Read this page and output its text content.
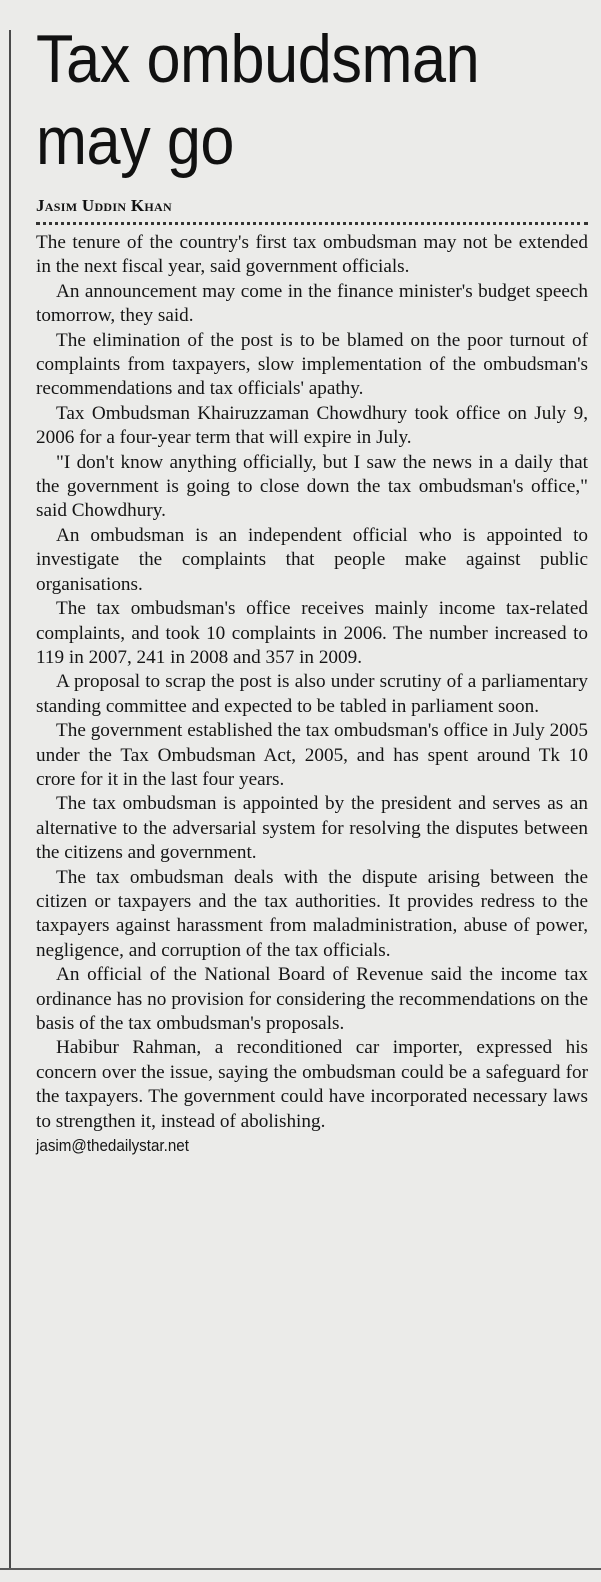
Tax ombudsman may go
Jasim Uddin Khan

The tenure of the country's first tax ombudsman may not be extended in the next fiscal year, said government officials.

An announcement may come in the finance minister's budget speech tomorrow, they said.

The elimination of the post is to be blamed on the poor turnout of complaints from taxpayers, slow implementation of the ombudsman's recommendations and tax officials' apathy.

Tax Ombudsman Khairuzzaman Chowdhury took office on July 9, 2006 for a four-year term that will expire in July.

"I don't know anything officially, but I saw the news in a daily that the government is going to close down the tax ombudsman's office," said Chowdhury.

An ombudsman is an independent official who is appointed to investigate the complaints that people make against public organisations.

The tax ombudsman's office receives mainly income tax-related complaints, and took 10 complaints in 2006. The number increased to 119 in 2007, 241 in 2008 and 357 in 2009.

A proposal to scrap the post is also under scrutiny of a parliamentary standing committee and expected to be tabled in parliament soon.

The government established the tax ombudsman's office in July 2005 under the Tax Ombudsman Act, 2005, and has spent around Tk 10 crore for it in the last four years.

The tax ombudsman is appointed by the president and serves as an alternative to the adversarial system for resolving the disputes between the citizens and government.

The tax ombudsman deals with the dispute arising between the citizen or taxpayers and the tax authorities. It provides redress to the taxpayers against harassment from maladministration, abuse of power, negligence, and corruption of the tax officials.

An official of the National Board of Revenue said the income tax ordinance has no provision for considering the recommendations on the basis of the tax ombudsman's proposals.

Habibur Rahman, a reconditioned car importer, expressed his concern over the issue, saying the ombudsman could be a safeguard for the taxpayers. The government could have incorporated necessary laws to strengthen it, instead of abolishing.

jasim@thedailystar.net
